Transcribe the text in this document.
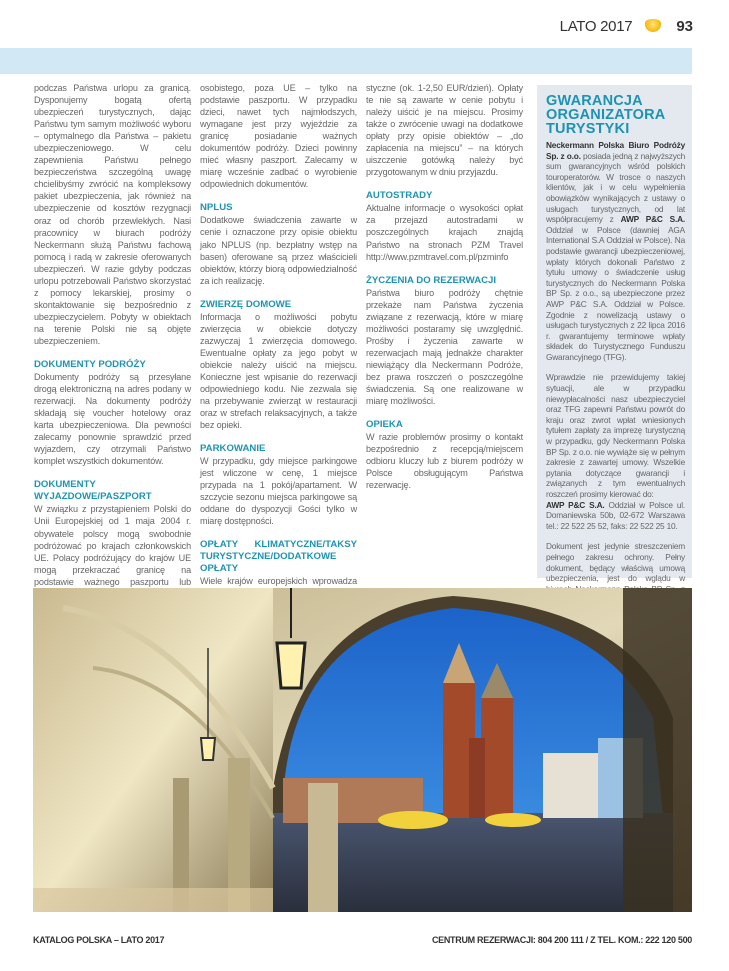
LATO 2017	93

podczas Państwa urlopu za granicą. Dysponujemy bogatą ofertą ubezpieczeń turystycznych, dając Państwu tym samym możliwość wyboru – optymalnego dla Państwa – pakietu ubezpieczeniowego. W celu zapewnienia Państwu pełnego bezpieczeństwa szczególną uwagę chcielibyśmy zwrócić na kompleksowy pakiet ubezpieczenia, jak również na ubezpieczenie od kosztów rezygnacji oraz od chorób przewlekłych. Nasi pracownicy w biurach podróży Neckermann służą Państwu fachową pomocą i radą w zakresie oferowanych ubezpieczeń. W razie gdyby podczas urlopu potrzebowali Państwo skorzystać z pomocy lekarskiej, prosimy o skontaktowanie się bezpośrednio z ubezpieczycielem. Pobyty w obiektach na terenie Polski nie są objęte ubezpieczeniem.

DOKUMENTY PODRÓŻY

Dokumenty podróży są przesyłane drogą elektroniczną na adres podany w rezerwacji. Na dokumenty podróży składają się voucher hotelowy oraz karta ubezpieczeniowa. Dla pewności zalecamy ponownie sprawdzić przed wyjazdem, czy otrzymali Państwo komplet wszystkich dokumentów.

DOKUMENTY WYJAZDOWE/PASZPORT

W związku z przystąpieniem Polski do Unii Europejskiej od 1 maja 2004 r. obywatele polscy mogą swobodnie podróżować po krajach członkowskich UE. Polacy podróżujący do krajów UE mogą przekraczać granicę na podstawie ważnego paszportu lub

osobistego, poza UE – tylko na podstawie paszportu. W przypadku dzieci, nawet tych najmłodszych, wymagane jest przy wyjeździe za granicę posiadanie ważnych dokumentów podróży. Dzieci powinny mieć własny paszport. Zalecamy w miarę wcześnie zadbać o wyrobienie odpowiednich dokumentów.

NPLUS

Dodatkowe świadczenia zawarte w cenie i oznaczone przy opisie obiektu jako NPLUS (np. bezpłatny wstęp na basen) oferowane są przez właścicieli obiektów, którzy biorą odpowiedzialność za ich realizację.

ZWIERZĘ DOMOWE

Informacja o możliwości pobytu zwierzęcia w obiekcie dotyczy zazwyczaj 1 zwierzęcia domowego. Ewentualne opłaty za jego pobyt w obiekcie należy uiścić na miejscu. Konieczne jest wpisanie do rezerwacji odpowiedniego kodu. Nie zezwala się na przebywanie zwierząt w restauracji oraz w strefach relaksacyjnych, a także bez opieki.

PARKOWANIE

W przypadku, gdy miejsce parkingowe jest wliczone w cenę, 1 miejsce przypada na 1 pokój/apartament. W szczycie sezonu miejsca parkingowe są oddane do dyspozycji Gości tylko w miarę dostępności.

OPŁATY KLIMATYCZNE/TAKSY TURYSTYCZNE/DODATKOWE OPŁATY

Wiele krajów europejskich wprowadza

styczne (ok. 1-2,50 EUR/dzień). Opłaty te nie są zawarte w cenie pobytu i należy uiścić je na miejscu. Prosimy także o zwrócenie uwagi na dodatkowe opłaty przy opisie obiektów – „do zapłacenia na miejscu” – na których uiszczenie gotówką należy być przygotowanym w dniu przyjazdu.

AUTOSTRADY

Aktualne informacje o wysokości opłat za przejazd autostradami w poszczególnych krajach znajdą Państwo na stronach PZM Travel http://www.pzmtravel.com.pl/pzminfo

ŻYCZENIA DO REZERWACJI

Państwa biuro podróży chętnie przekaże nam Państwa życzenia związane z rezerwacją, które w miarę możliwości postaramy się uwzględnić. Prośby i życzenia zawarte w rezerwacjach mają jednakże charakter niewiążący dla Neckermann Podróże, bez prawa roszczeń o poszczególne świadczenia. Są one realizowane w miarę możliwości.

OPIEKA

W razie problemów prosimy o kontakt bezpośrednio z recepcją/miejscem odbioru kluczy lub z biurem podróży w Polsce obsługującym Państwa rezerwację.

GWARANCJA ORGANIZATORA TURYSTYKI

Neckermann Polska Biuro Podróży Sp. z o.o. posiada jedną z najwyższych sum gwarancyjnych wśród polskich touroperatorów. W trosce o naszych klientów, jak i w celu wypełnienia obowiązków wynikających z ustawy o usługach turystycznych, od lat współpracujemy z AWP P&C S.A. Oddział w Polsce (dawniej AGA International S.A Oddział w Polsce). Na podstawie gwarancji ubezpieczeniowej, wpłaty których dokonali Państwo z tytułu umowy o świadczenie usług turystycznych do Neckermann Polska BP Sp. z o.o., są ubezpieczone przez AWP P&C S.A. Oddział w Polsce. Zgodnie z nowelizacją ustawy o usługach turystycznych z 22 lipca 2016 r. gwarantujemy terminowe wpłaty składek do Turystycznego Funduszu Gwarancyjnego (TFG).

Wprawdzie nie przewidujemy takiej sytuacji, ale w przypadku niewypłacalności nasz ubezpieczyciel oraz TFG zapewni Państwu powrót do kraju oraz zwrot wpłat wniesionych tytułem zapłaty za imprezę turystyczną w przypadku, gdy Neckermann Polska BP Sp. z o.o. nie wywiąże się w pełnym zakresie z zawartej umowy. Wszelkie pytania dotyczące gwarancji i związanych z tym ewentualnych roszczeń prosimy kierować do:

AWP P&C S.A. Oddział w Polsce ul. Domaniewska 50b, 02-672 Warszawa tel.: 22 522 25 52, faks: 22 522 25 10.

Dokument jest jedynie streszczeniem pełnego zakresu ochrony. Pełny dokument, będący właściwą umową ubezpieczenia, jest do wglądu w

KATALOG POLSKA – LATO 2017	CENTRUM REZERWACJI: 804 200 111 / Z TEL. KOM.: 222 120 500
